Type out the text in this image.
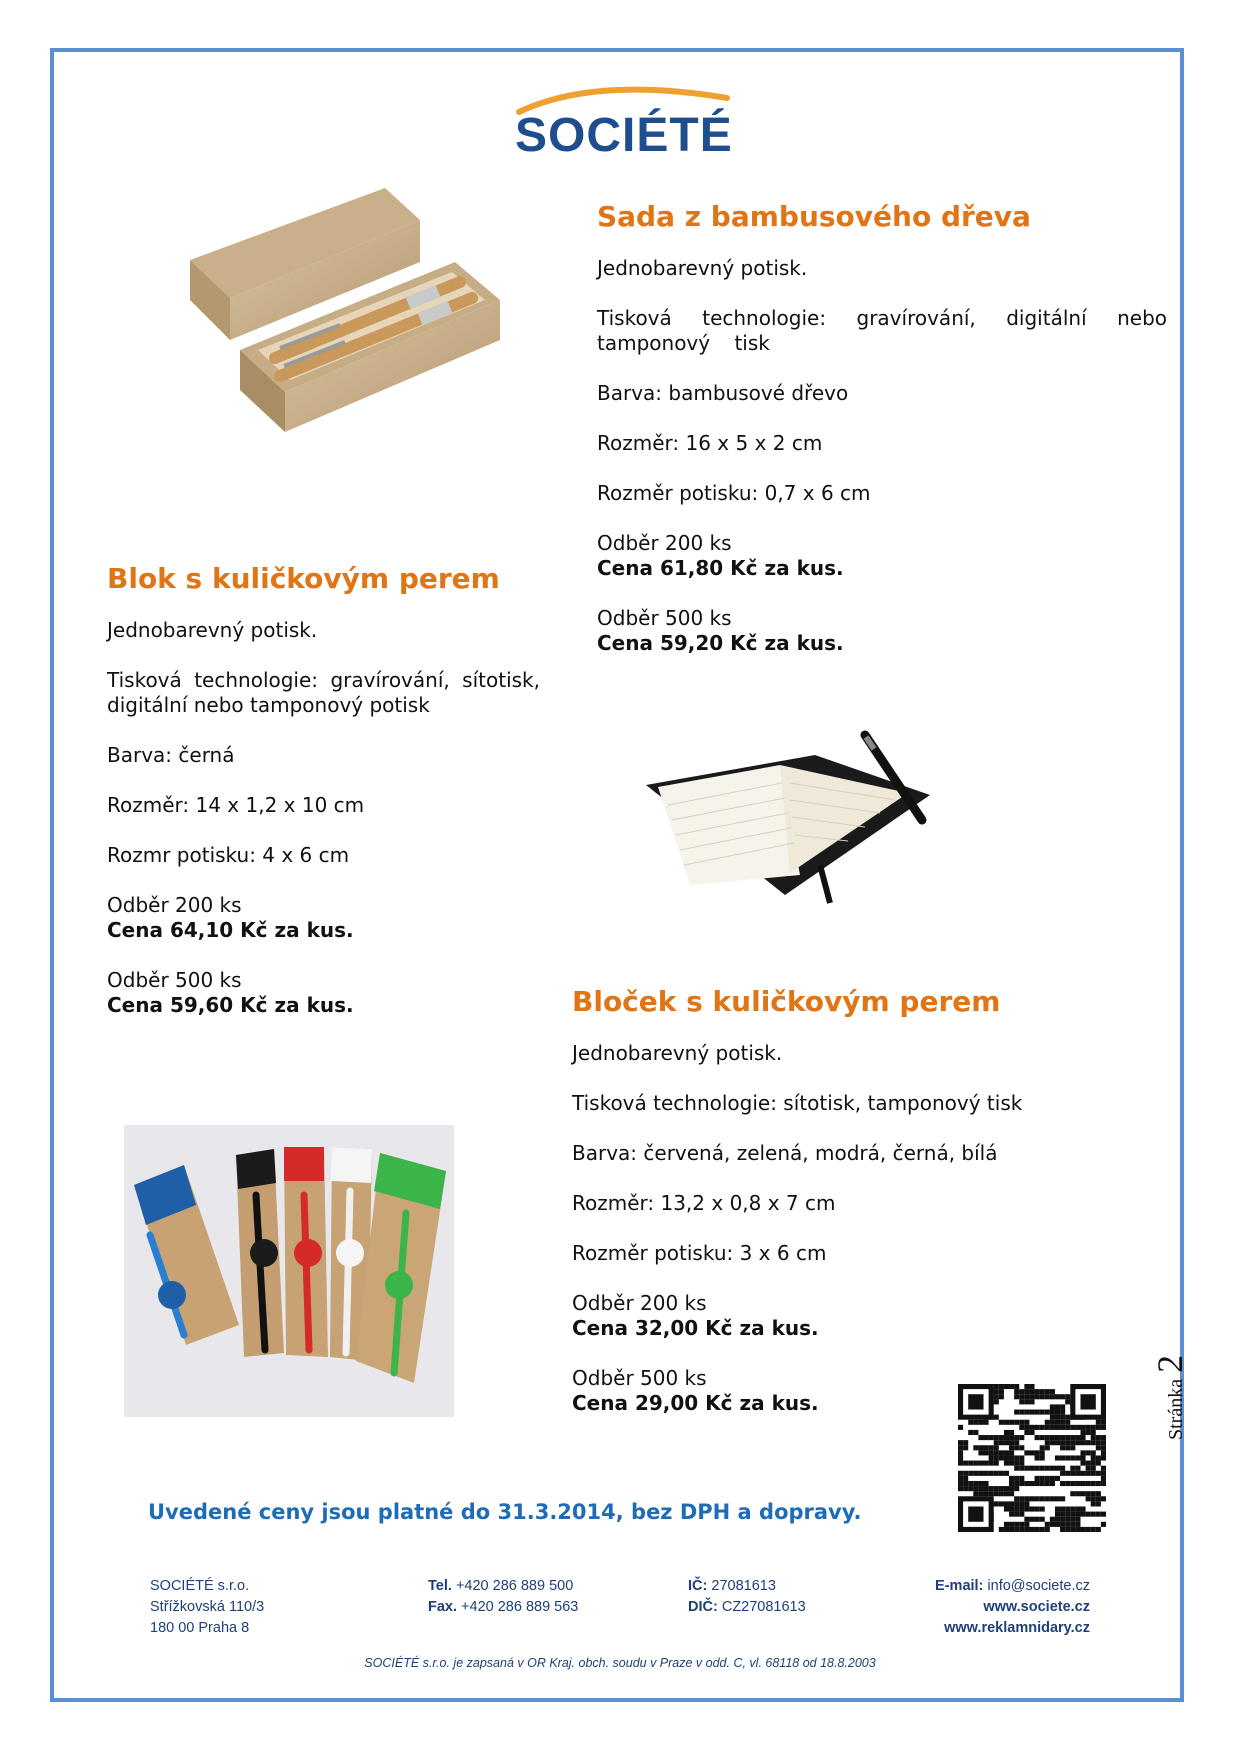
SOCIÉTÉ
Sada z bambusového dřeva

Jednobarevný potisk.

Tisková technologie: gravírování, digitální nebo tamponový tisk

Barva: bambusové dřevo

Rozměr: 16 x 5 x 2 cm

Rozměr potisku: 0,7 x 6 cm

Odběr 200 ks
Cena 61,80 Kč za kus.

Odběr 500 ks
Cena 59,20 Kč za kus.

Blok s kuličkovým perem

Jednobarevný potisk.

Tisková technologie: gravírování, sítotisk, digitální nebo tamponový potisk

Barva: černá

Rozměr: 14 x 1,2 x 10 cm

Rozmr potisku: 4 x 6 cm

Odběr 200 ks
Cena 64,10 Kč za kus.

Odběr 500 ks
Cena 59,60 Kč za kus.	Bloček s kuličkovým perem

Jednobarevný potisk.

Tisková technologie: sítotisk, tamponový tisk

Barva: červená, zelená, modrá, černá, bílá

Rozměr: 13,2 x 0,8 x 7 cm

Rozměr potisku: 3 x 6 cm

Odběr 200 ks
Cena 32,00 Kč za kus.

Odběr 500 ks
Cena 29,00 Kč za kus.	Stránka
2
Uvedené ceny jsou platné do 31.3.2014, bez DPH a dopravy.
SOCIÉTÉ s.r.o.
Střížkovská 110/3
180 00 Praha 8
Tel. +420 286 889 500
Fax. +420 286 889 563
IČ: 27081613
DIČ: CZ27081613
E-mail: info@societe.cz
www.societe.cz
www.reklamnidary.cz
SOCIÉTÉ s.r.o. je zapsaná v OR Kraj. obch. soudu v Praze v odd. C, vl. 68118 od 18.8.2003
